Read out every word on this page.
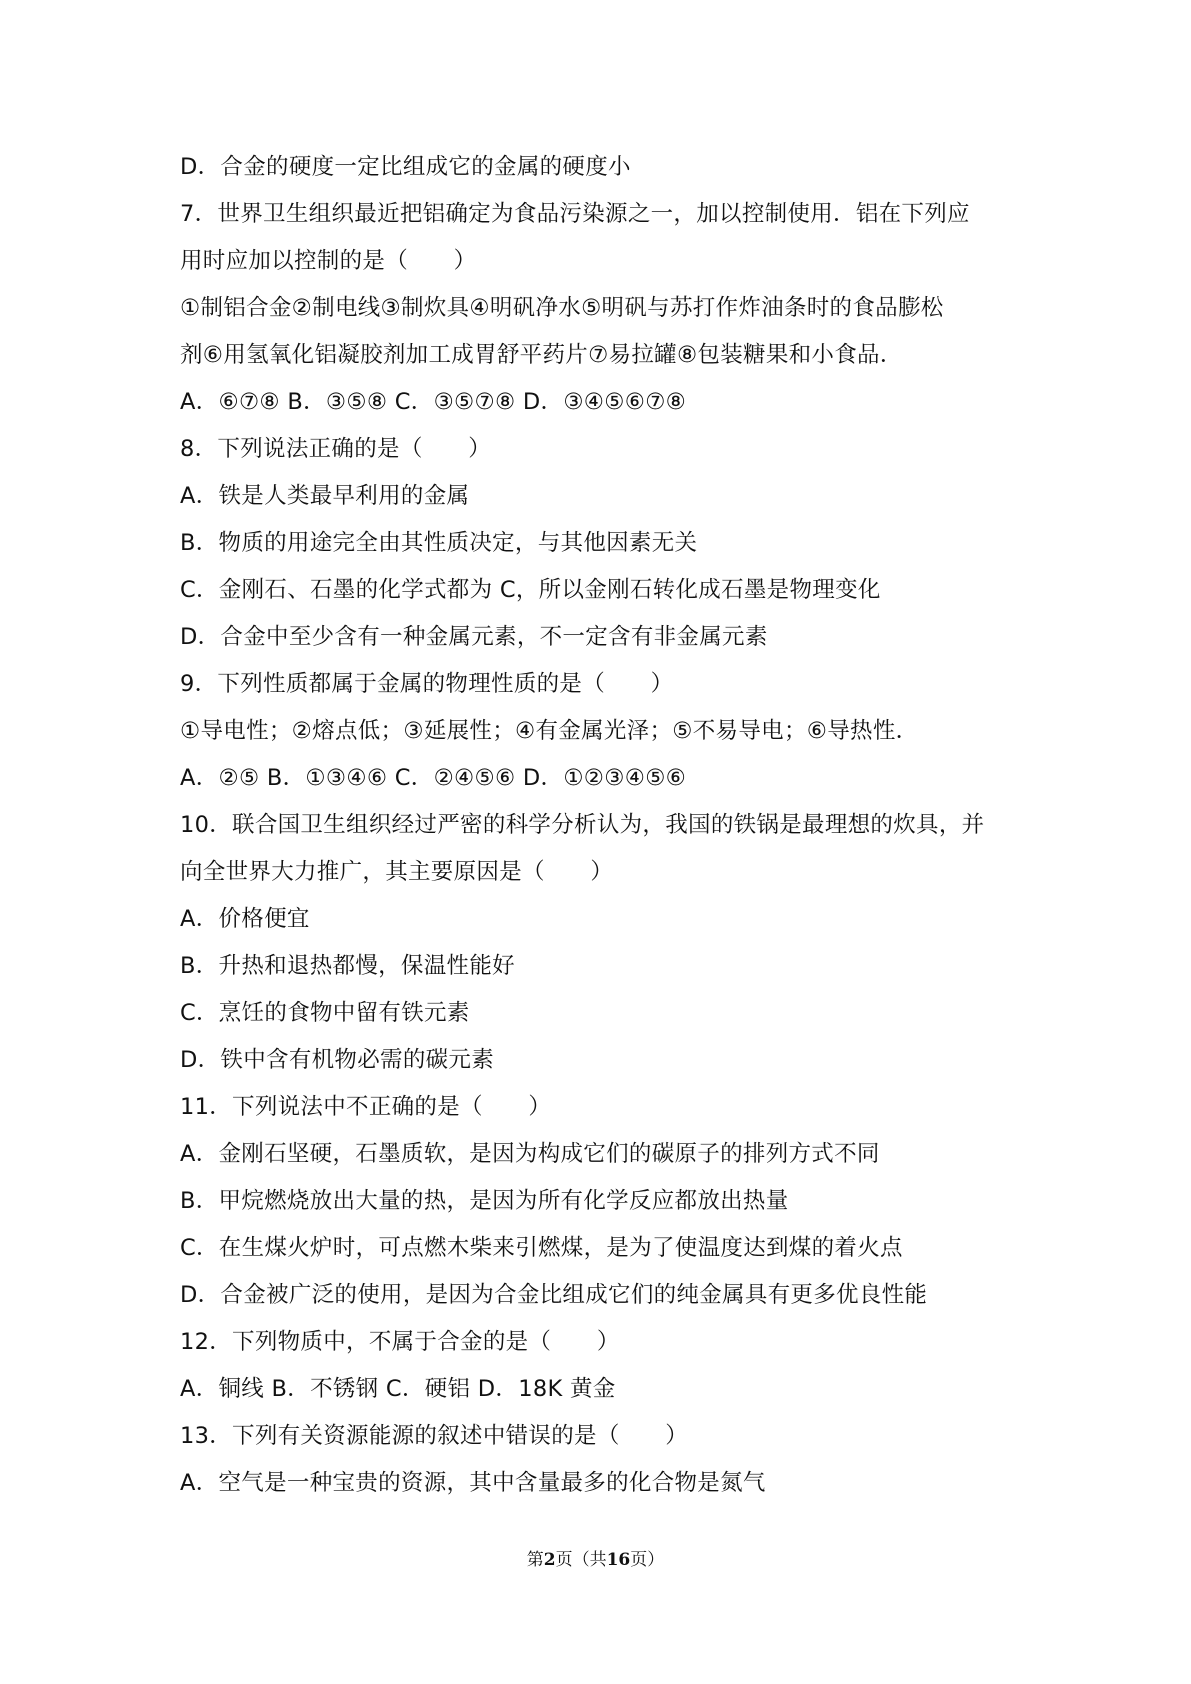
D．合金的硬度一定比组成它的金属的硬度小
7．世界卫生组织最近把铝确定为食品污染源之一，加以控制使用．铝在下列应
用时应加以控制的是（　　）
①制铝合金②制电线③制炊具④明矾净水⑤明矾与苏打作炸油条时的食品膨松
剂⑥用氢氧化铝凝胶剂加工成胃舒平药片⑦易拉罐⑧包装糖果和小食品．
A．⑥⑦⑧ B．③⑤⑧ C．③⑤⑦⑧ D．③④⑤⑥⑦⑧
8．下列说法正确的是（　　）
A．铁是人类最早利用的金属
B．物质的用途完全由其性质决定，与其他因素无关
C．金刚石、石墨的化学式都为 C，所以金刚石转化成石墨是物理变化
D．合金中至少含有一种金属元素，不一定含有非金属元素
9．下列性质都属于金属的物理性质的是（　　）
①导电性；②熔点低；③延展性；④有金属光泽；⑤不易导电；⑥导热性．
A．②⑤ B．①③④⑥ C．②④⑤⑥ D．①②③④⑤⑥
10．联合国卫生组织经过严密的科学分析认为，我国的铁锅是最理想的炊具，并
向全世界大力推广，其主要原因是（　　）
A．价格便宜
B．升热和退热都慢，保温性能好
C．烹饪的食物中留有铁元素
D．铁中含有机物必需的碳元素
11．下列说法中不正确的是（　　）
A．金刚石坚硬，石墨质软，是因为构成它们的碳原子的排列方式不同
B．甲烷燃烧放出大量的热，是因为所有化学反应都放出热量
C．在生煤火炉时，可点燃木柴来引燃煤，是为了使温度达到煤的着火点
D．合金被广泛的使用，是因为合金比组成它们的纯金属具有更多优良性能
12．下列物质中，不属于合金的是（　　）
A．铜线 B．不锈钢 C．硬铝 D．18K 黄金
13．下列有关资源能源的叙述中错误的是（　　）
A．空气是一种宝贵的资源，其中含量最多的化合物是氮气
第2页（共16页）
